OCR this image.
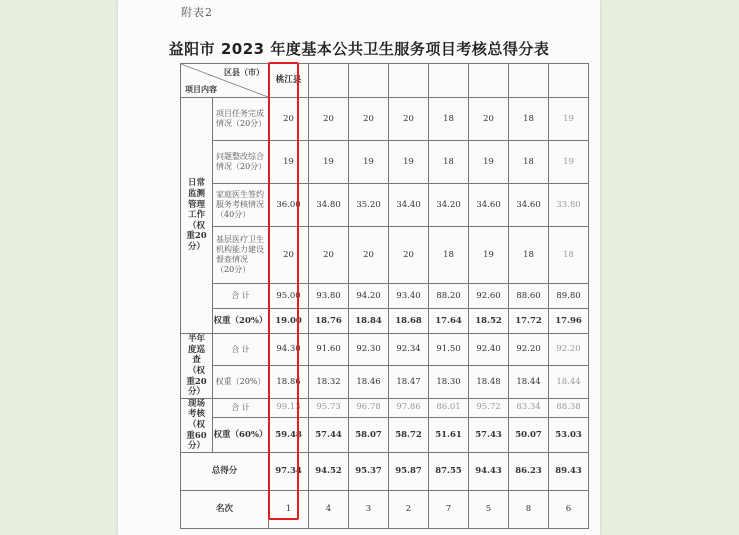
附表2
益阳市 2023 年度基本公共卫生服务项目考核总得分表
区县（市）
项目内容		桃江县							
日常监测管理工作（权重20分）	项目任务完成情况（20分）	20	20	20	20	18	20	18	19
	问题整改综合情况（20分）	19	19	19	19	18	19	18	19
	家庭医生签约服务考核情况（40分）	36.00	34.80	35.20	34.40	34.20	34.60	34.60	33.80
	基层医疗卫生机构能力建设督查情况（20分）	20	20	20	20	18	19	18	18
	合 计	95.00	93.80	94.20	93.40	88.20	92.60	88.60	89.80
	权重（20%）	19.00	18.76	18.84	18.68	17.64	18.52	17.72	17.96
半年度巡查（权重20分）	合 计	94.30	91.60	92.30	92.34	91.50	92.40	92.20	92.20
	权重（20%）	18.86	18.32	18.46	18.47	18.30	18.48	18.44	18.44
现场考核（权重60分）	合 计	99.13	95.73	96.78	97.86	86.01	95.72	83.34	88.38
	权重（60%）	59.48	57.44	58.07	58.72	51.61	57.43	50.07	53.03
总得分		97.34	94.52	95.37	95.87	87.55	94.43	86.23	89.43
名次		1	4	3	2	7	5	8	6
